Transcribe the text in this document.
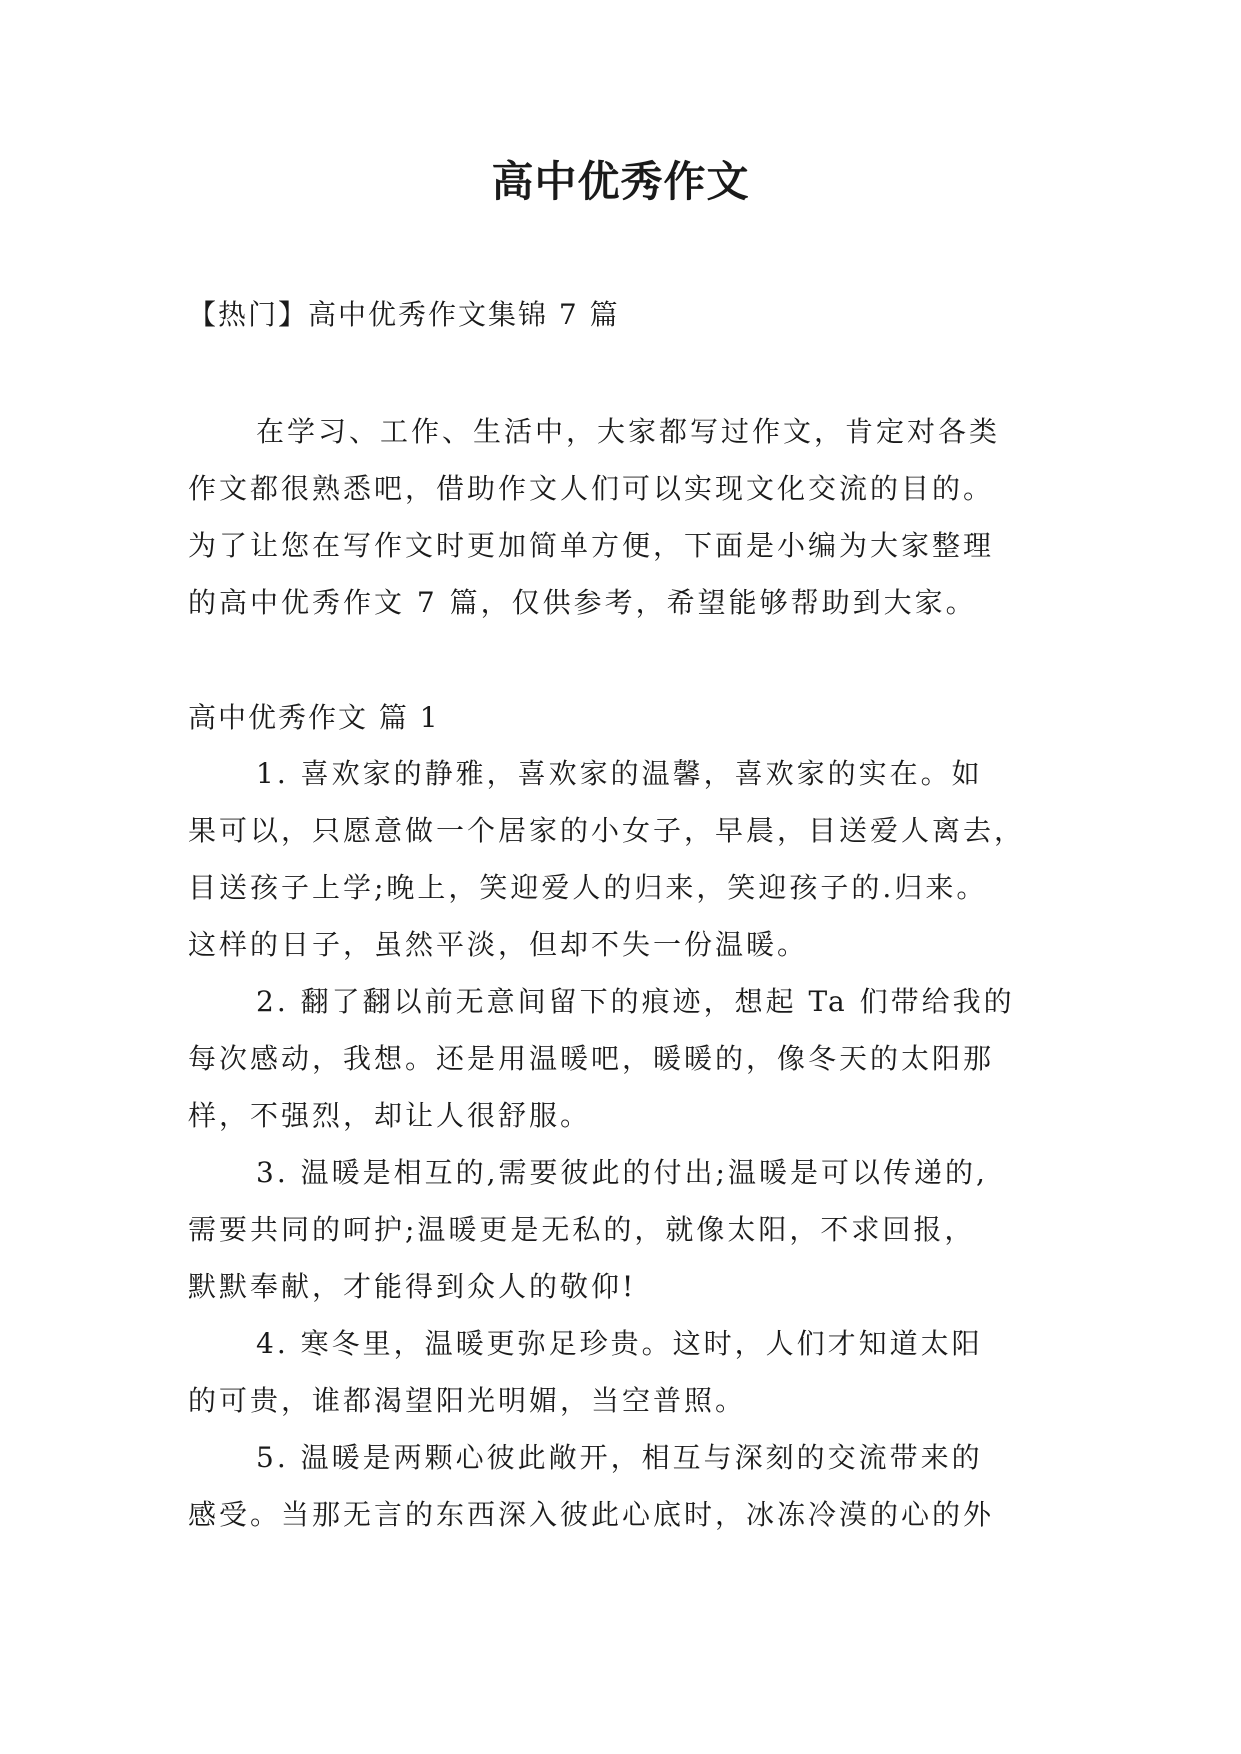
高中优秀作文

【热门】高中优秀作文集锦 7 篇

在学习、工作、生活中，大家都写过作文，肯定对各类
作文都很熟悉吧，借助作文人们可以实现文化交流的目的。
为了让您在写作文时更加简单方便，下面是小编为大家整理
的高中优秀作文 7 篇，仅供参考，希望能够帮助到大家。

高中优秀作文 篇 1

1. 喜欢家的静雅，喜欢家的温馨，喜欢家的实在。如
果可以，只愿意做一个居家的小女子，早晨，目送爱人离去，
目送孩子上学;晚上，笑迎爱人的归来，笑迎孩子的.归来。
这样的日子，虽然平淡，但却不失一份温暖。
2. 翻了翻以前无意间留下的痕迹，想起 Ta 们带给我的
每次感动，我想。还是用温暖吧，暖暖的，像冬天的太阳那
样，不强烈，却让人很舒服。
3. 温暖是相互的,需要彼此的付出;温暖是可以传递的,
需要共同的呵护;温暖更是无私的，就像太阳，不求回报，
默默奉献，才能得到众人的敬仰!
4. 寒冬里，温暖更弥足珍贵。这时，人们才知道太阳
的可贵，谁都渴望阳光明媚，当空普照。
5. 温暖是两颗心彼此敞开，相互与深刻的交流带来的
感受。当那无言的东西深入彼此心底时，冰冻冷漠的心的外
